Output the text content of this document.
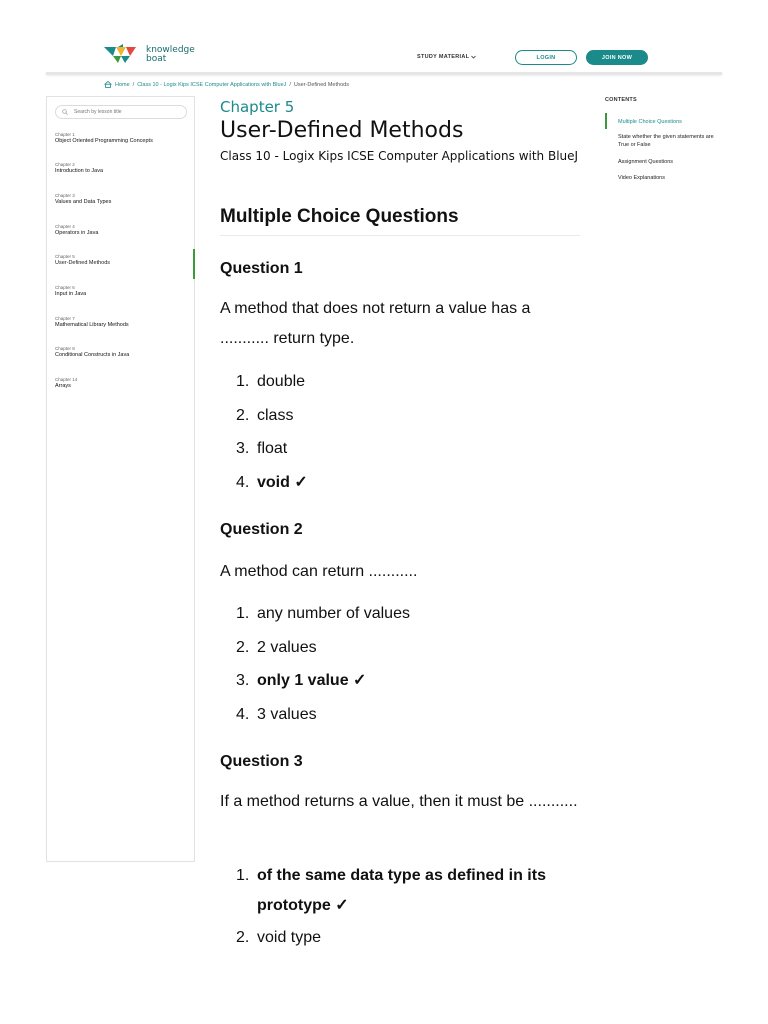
knowledge
boat	STUDY MATERIAL	LOGIN	JOIN NOW
Home / Class 10 - Logix Kips ICSE Computer Applications with BlueJ / User-Defined Methods
Search by lesson title
Chapter 1
Object Oriented Programming Concepts
Chapter 2
Introduction to Java
Chapter 3
Values and Data Types
Chapter 4
Operators in Java
Chapter 5
User-Defined Methods
Chapter 6
Input in Java
Chapter 7
Mathematical Library Methods
Chapter 8
Conditional Constructs in Java
Chapter 14
Arrays
Chapter 5
User-Defined Methods
Class 10 - Logix Kips ICSE Computer Applications with BlueJ
Multiple Choice Questions
Question 1
A method that does not return a value has a ........... return type.
1. double
2. class
3. float
4. void ✓
Question 2
A method can return ...........
1. any number of values
2. 2 values
3. only 1 value ✓
4. 3 values
Question 3
If a method returns a value, then it must be ...........
1. of the same data type as defined in its prototype ✓
2. void type
CONTENTS
Multiple Choice Questions
State whether the given statements are True or False
Assignment Questions
Video Explanations
